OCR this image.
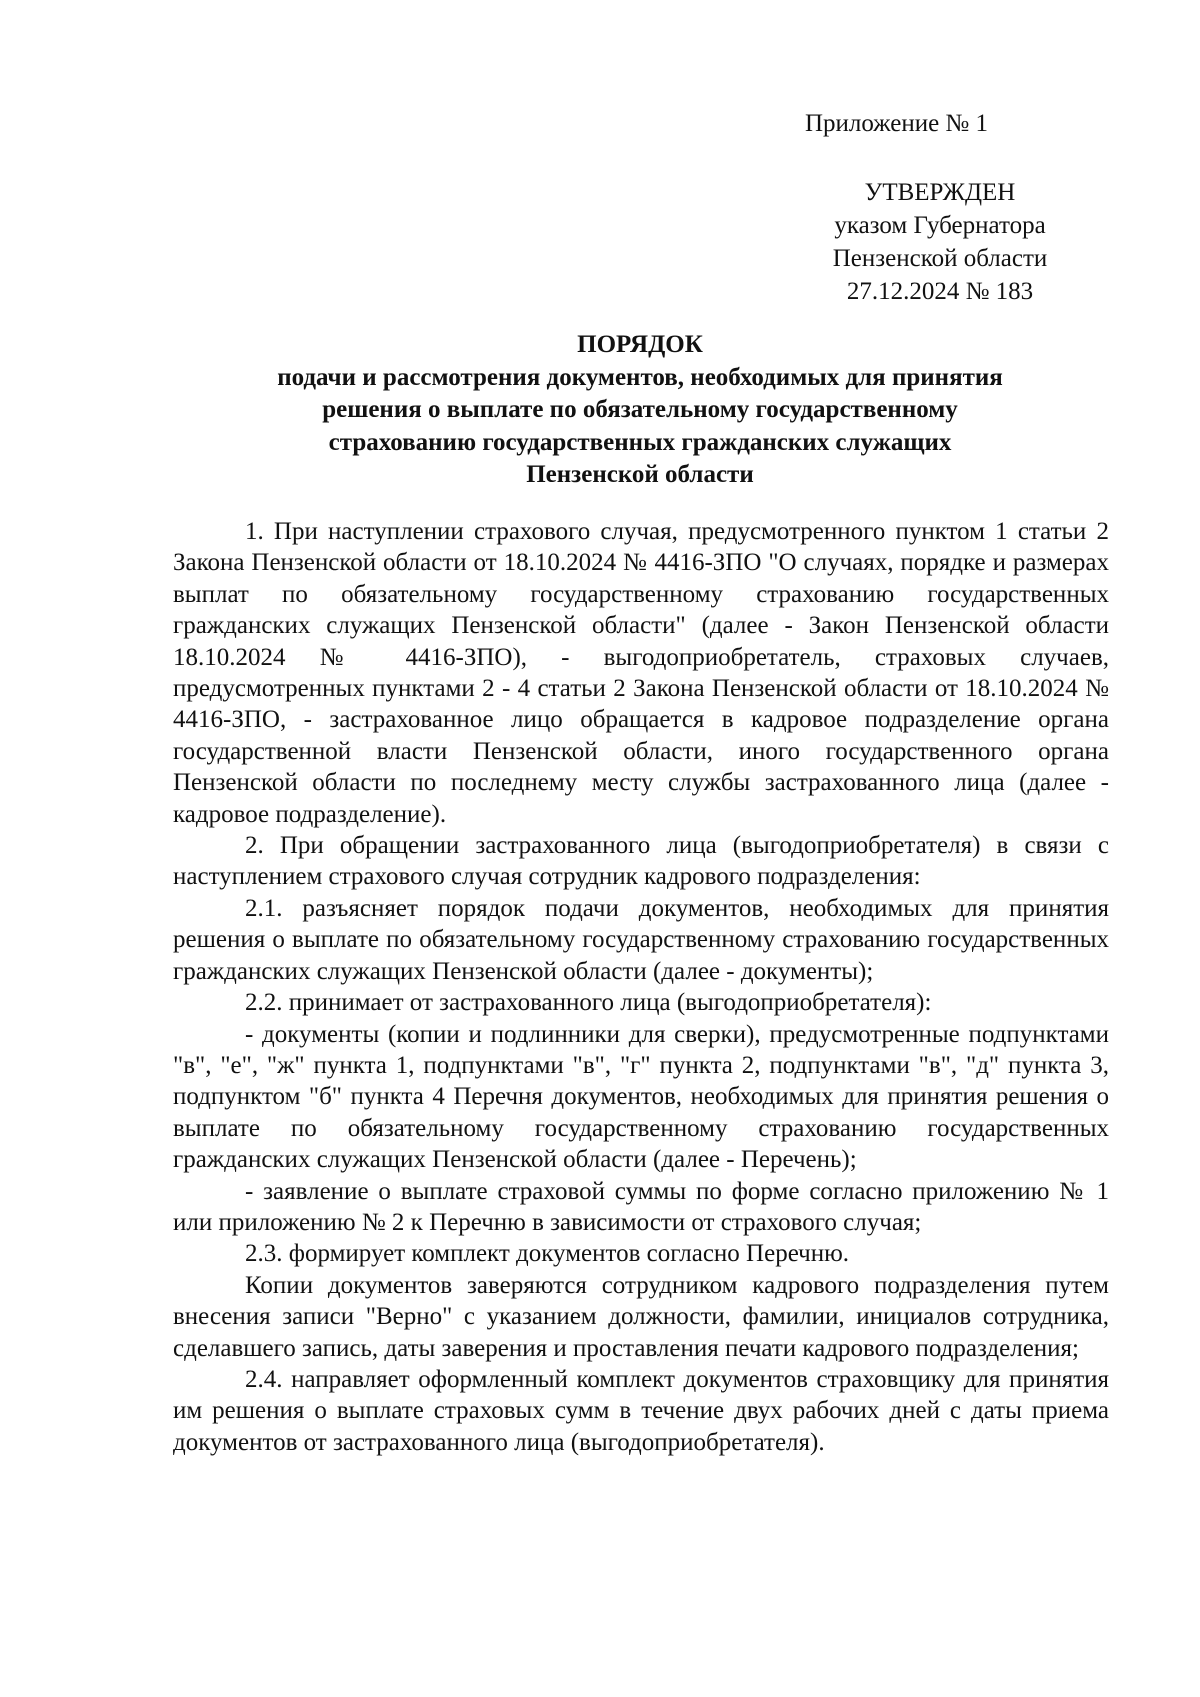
Приложение № 1
УТВЕРЖДЕН
указом Губернатора
Пензенской области
27.12.2024 № 183
ПОРЯДОК
подачи и рассмотрения документов, необходимых для принятия
решения о выплате по обязательному государственному
страхованию государственных гражданских служащих
Пензенской области

1. При наступлении страхового случая, предусмотренного пунктом 1 статьи 2 Закона Пензенской области от 18.10.2024 № 4416-ЗПО "О случаях, порядке и размерах выплат по обязательному государственному страхованию государственных гражданских служащих Пензенской области" (далее - Закон Пензенской области 18.10.2024 № 4416-ЗПО), - выгодоприобретатель, страховых случаев, предусмотренных пунктами 2 - 4 статьи 2 Закона Пензенской области от 18.10.2024 № 4416-ЗПО, - застрахованное лицо обращается в кадровое подразделение органа государственной власти Пензенской области, иного государственного органа Пензенской области по последнему месту службы застрахованного лица (далее - кадровое подразделение).

2. При обращении застрахованного лица (выгодоприобретателя) в связи с наступлением страхового случая сотрудник кадрового подразделения:

2.1. разъясняет порядок подачи документов, необходимых для принятия решения о выплате по обязательному государственному страхованию государственных гражданских служащих Пензенской области (далее - документы);

2.2. принимает от застрахованного лица (выгодоприобретателя):

- документы (копии и подлинники для сверки), предусмотренные подпунктами "в", "е", "ж" пункта 1, подпунктами "в", "г" пункта 2, подпунктами "в", "д" пункта 3, подпунктом "б" пункта 4 Перечня документов, необходимых для принятия решения о выплате по обязательному государственному страхованию государственных гражданских служащих Пензенской области (далее - Перечень);

- заявление о выплате страховой суммы по форме согласно приложению № 1 или приложению № 2 к Перечню в зависимости от страхового случая;

2.3. формирует комплект документов согласно Перечню.

Копии документов заверяются сотрудником кадрового подразделения путем внесения записи "Верно" с указанием должности, фамилии, инициалов сотрудника, сделавшего запись, даты заверения и проставления печати кадрового подразделения;

2.4. направляет оформленный комплект документов страховщику для принятия им решения о выплате страховых сумм в течение двух рабочих дней с даты приема документов от застрахованного лица (выгодоприобретателя).
